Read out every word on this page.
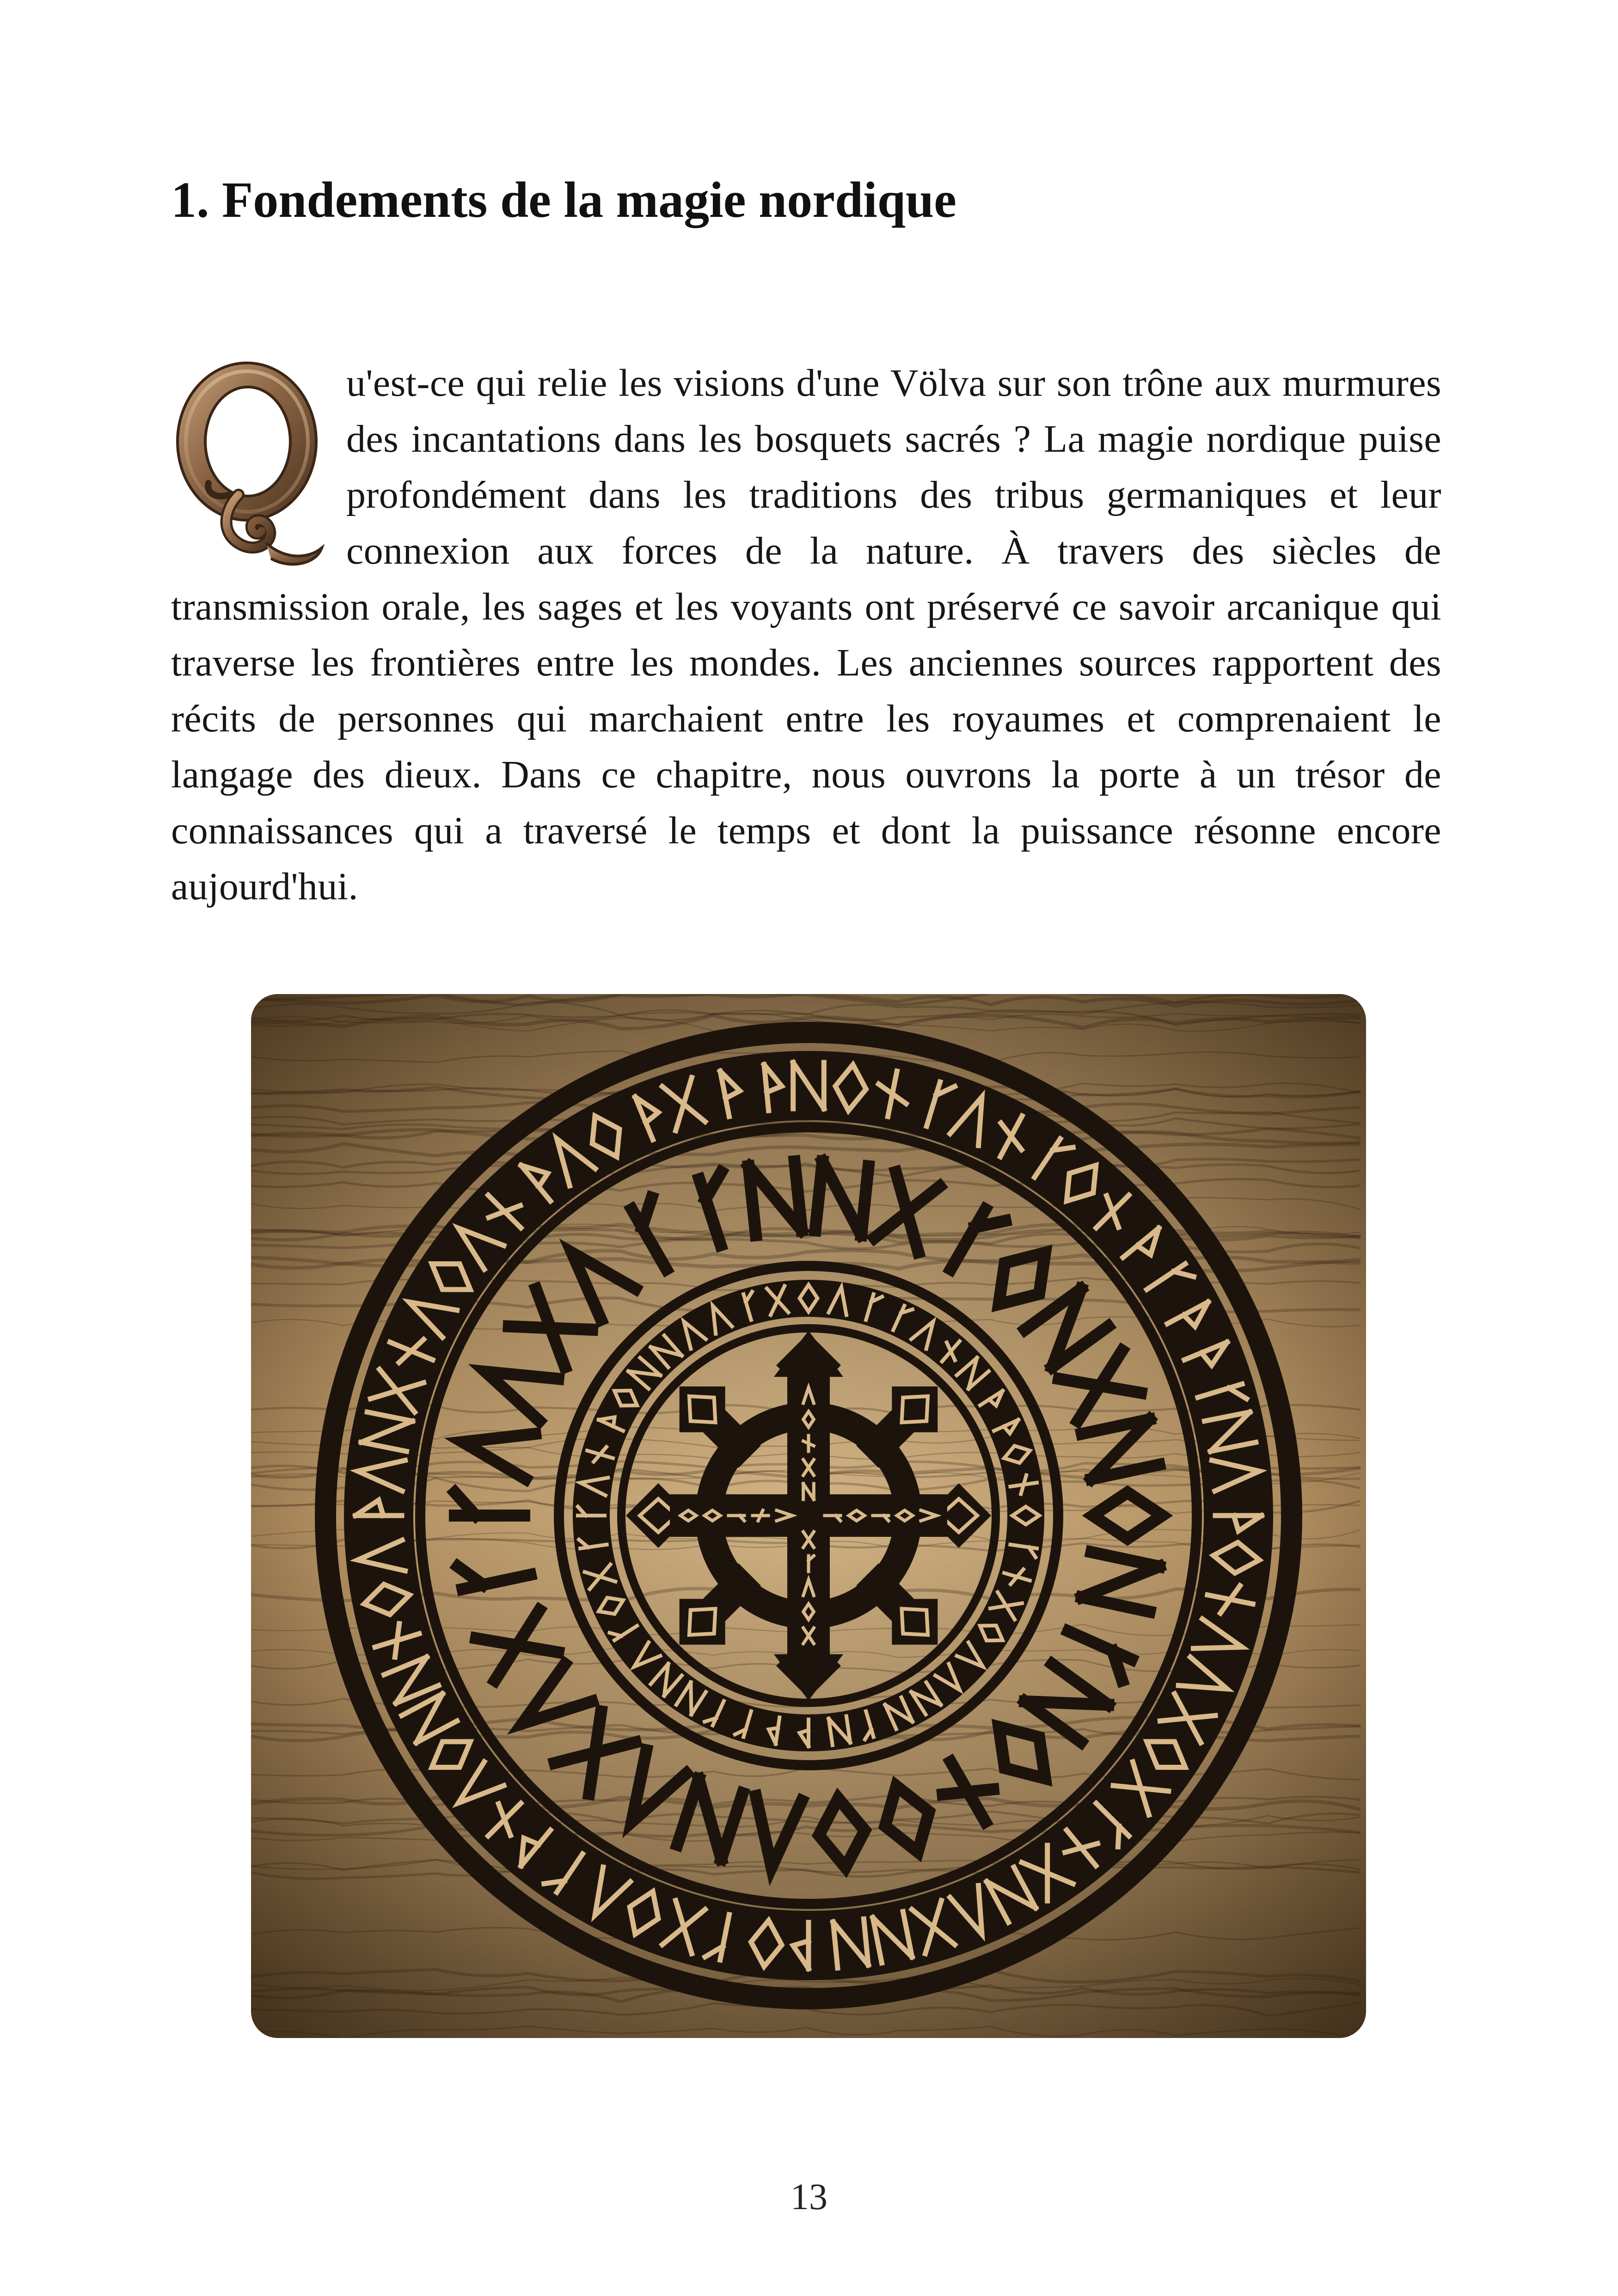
1. Fondements de la magie nordique
u'est-ce qui relie les visions d'une Völva sur son trône aux murmures des incantations dans les bosquets sacrés ? La magie nordique puise profondément dans les traditions des tribus germaniques et leur connexion aux forces de la nature. À travers des siècles de transmission orale, les sages et les voyants ont préservé ce savoir arcanique qui traverse les frontières entre les mondes. Les anciennes sources rapportent des récits de personnes qui marchaient entre les royaumes et comprenaient le langage des dieux. Dans ce chapitre, nous ouvrons la porte à un trésor de connaissances qui a traversé le temps et dont la puissance résonne encore aujourd'hui.
13
